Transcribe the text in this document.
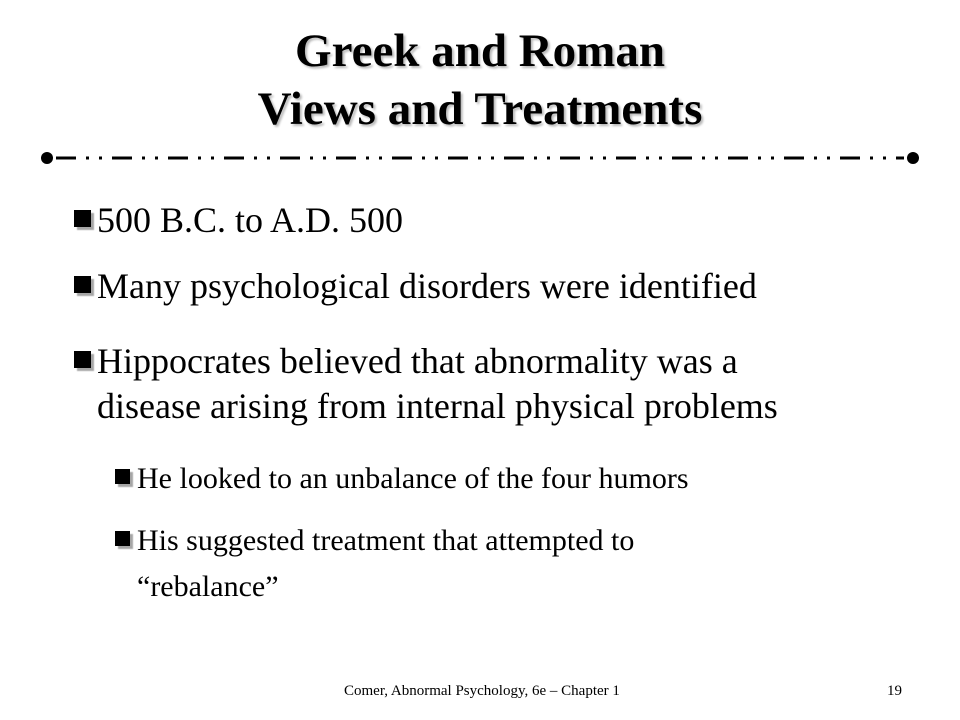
Greek and Roman
Views and Treatments
500 B.C. to A.D. 500
Many psychological disorders were identified
Hippocrates believed that abnormality was a
disease arising from internal physical problems
He looked to an unbalance of the four humors
His suggested treatment that attempted to
“rebalance”
Comer, Abnormal Psychology, 6e – Chapter 1	19
